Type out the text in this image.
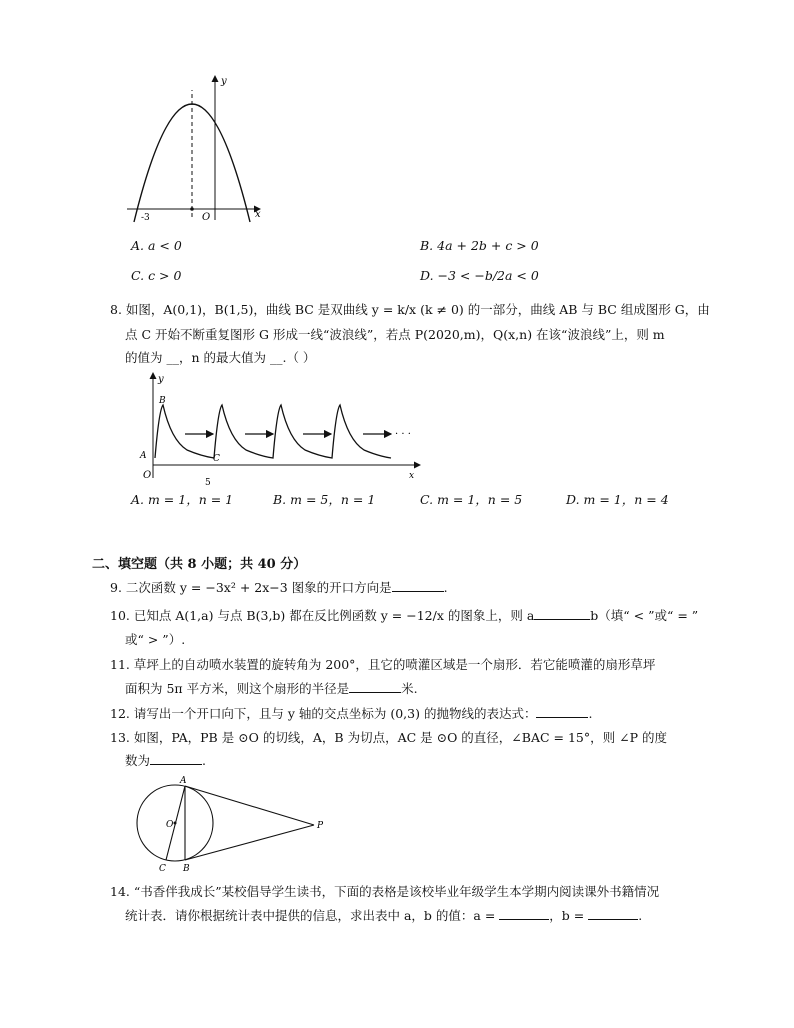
y
x
O
-3
A. a < 0	B. 4a + 2b + c > 0
C. c > 0	D. −3 < −b/2a < 0
8. 如图，A(0,1)，B(1,5)，曲线 BC 是双曲线 y = k/x (k ≠ 0) 的一部分，曲线 AB 与 BC 组成图形 G，由
点 C 开始不断重复图形 G 形成一线“波浪线”，若点 P(2020,m)，Q(x,n) 在该“波浪线”上，则 m
的值为 __，n 的最大值为 __.（ ）
· · ·
y
x
O
A
B
C
5
A. m = 1，n = 1	B. m = 5，n = 1	C. m = 1，n = 5	D. m = 1，n = 4
二、填空题（共 8 小题；共 40 分）
9. 二次函数 y = −3x² + 2x−3 图象的开口方向是	.
10. 已知点 A(1,a) 与点 B(3,b) 都在反比例函数 y = −12/x 的图象上，则 a	b（填“ < ”或“ = ”
或“ > ”）.
11. 草坪上的自动喷水装置的旋转角为 200°，且它的喷灌区域是一个扇形．若它能喷灌的扇形草坪
面积为 5π 平方米，则这个扇形的半径是	米.
12. 请写出一个开口向下，且与 y 轴的交点坐标为 (0,3) 的抛物线的表达式：	.
13. 如图，PA，PB 是 ⊙O 的切线，A，B 为切点，AC 是 ⊙O 的直径，∠BAC = 15°，则 ∠P 的度
数为	.
A
B
C
O	P
14. “书香伴我成长”某校倡导学生读书，下面的表格是该校毕业年级学生本学期内阅读课外书籍情况
统计表．请你根据统计表中提供的信息，求出表中 a，b 的值：a =	，b =	.
